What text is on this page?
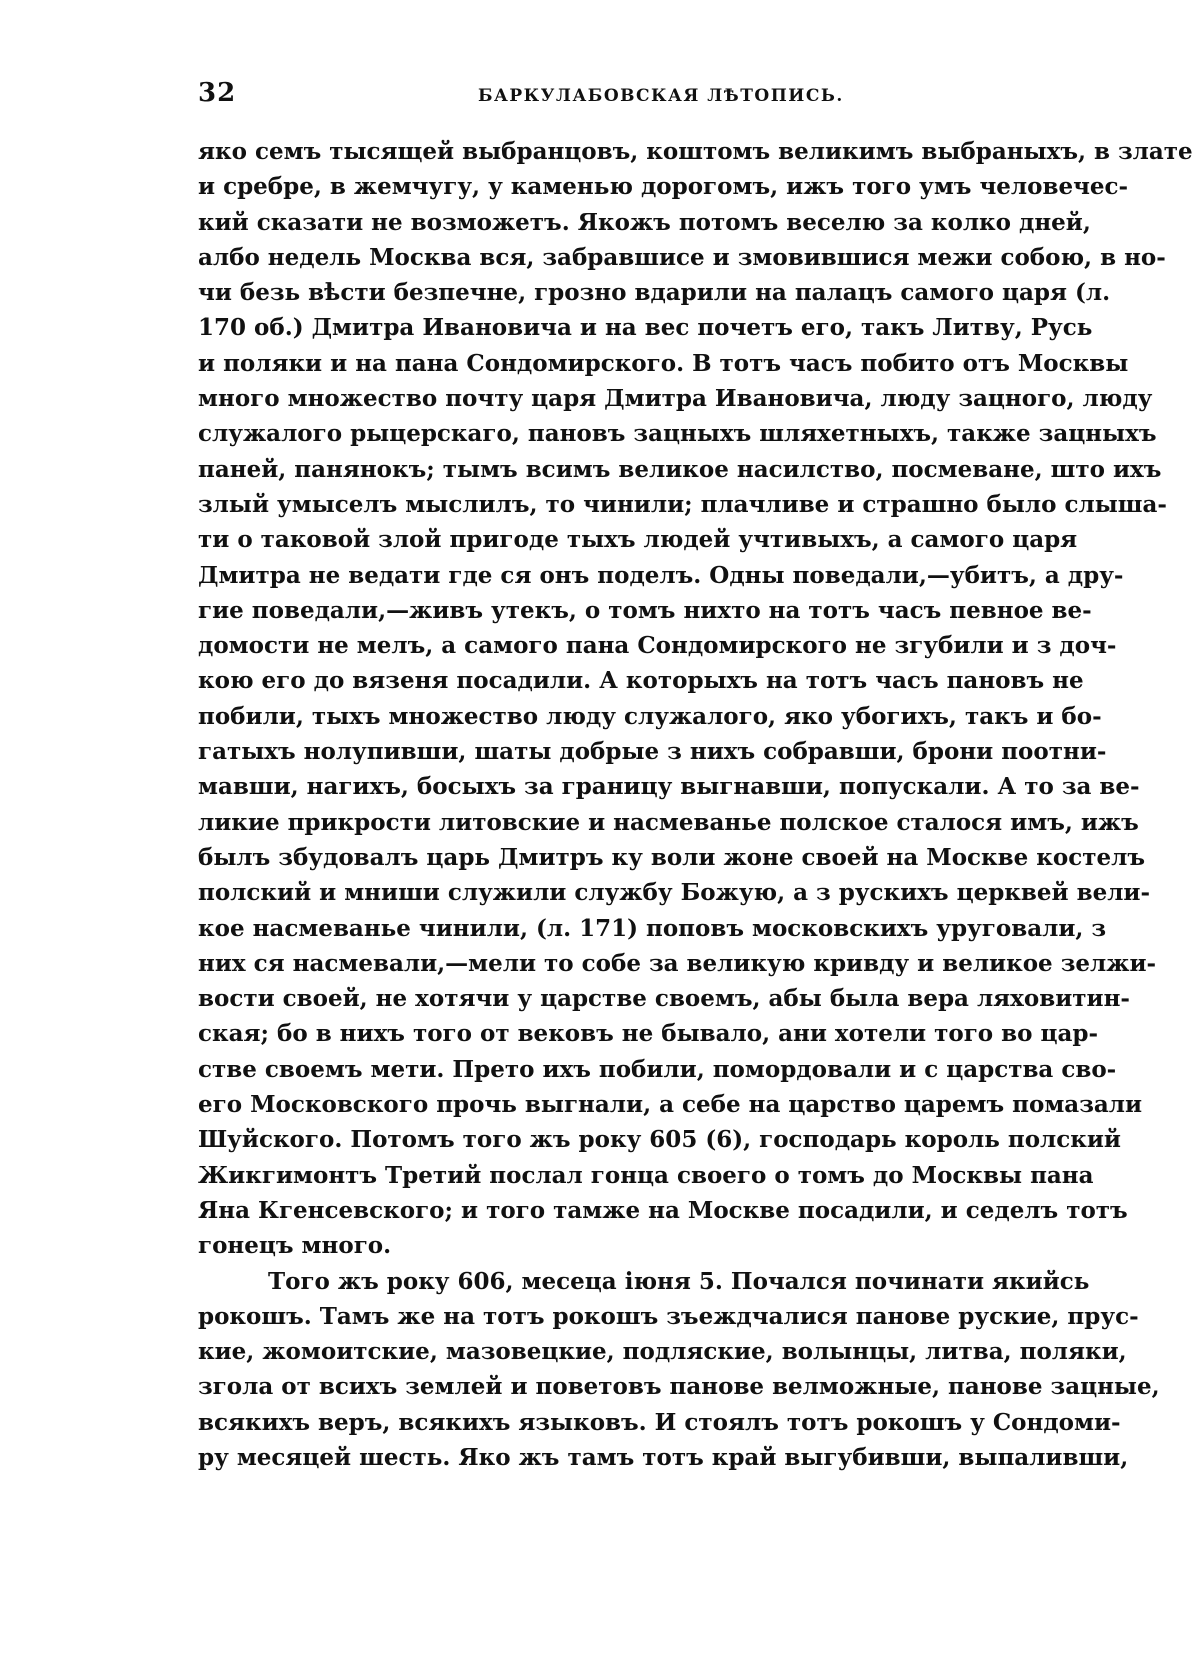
32	БАРКУЛАБОВСКАЯ ЛѢТОПИСЬ.
яко семъ тысящей выбранцовъ, коштомъ великимъ выбраныхъ, в злате
и сребре, в жемчугу, у каменью дорогомъ, ижъ того умъ человечес-
кий сказати не возможетъ. Якожъ потомъ веселю за колко дней,
албо недель Москва вся, забравшисе и змовившися межи собою, в но-
чи безь вѣсти безпечне, грозно вдарили на палацъ самого царя (л.
170 об.) Дмитра Ивановича и на вес почетъ его, такъ Литву, Русь
и поляки и на пана Сондомирского. В тотъ часъ побито отъ Москвы
много множество почту царя Дмитра Ивановича, люду зацного, люду
служалого рыцерскаго, пановъ зацныхъ шляхетныхъ, также зацныхъ
паней, панянокъ; тымъ всимъ великое насилство, посмеване, што ихъ
злый умыселъ мыслилъ, то чинили; плачливе и страшно было слыша-
ти о таковой злой пригоде тыхъ людей учтивыхъ, а самого царя
Дмитра не ведати где ся онъ поделъ. Одны поведали,—убитъ, а дру-
гие поведали,—живъ утекъ, о томъ нихто на тотъ часъ певное ве-
домости не мелъ, а самого пана Сондомирского не згубили и з доч-
кою его до вязеня посадили. А которыхъ на тотъ часъ пановъ не
побили, тыхъ множество люду служалого, яко убогихъ, такъ и бо-
гатыхъ нолупивши, шаты добрые з нихъ собравши, брони поотни-
мавши, нагихъ, босыхъ за границу выгнавши, попускали. А то за ве-
ликие прикрости литовские и насмеванье полское сталося имъ, ижъ
былъ збудовалъ царь Дмитръ ку воли жоне своей на Москве костелъ
полский и мниши служили службу Божую, а з рускихъ церквей вели-
кое насмеванье чинили, (л. 171) поповъ московскихъ уруговали, з
них ся насмевали,—мели то собе за великую кривду и великое зелжи-
вости своей, не хотячи у царстве своемъ, абы была вера ляховитин-
ская; бо в нихъ того от вековъ не бывало, ани хотели того во цар-
стве своемъ мети. Прето ихъ побили, помордовали и с царства сво-
его Московского прочь выгнали, а себе на царство царемъ помазали
Шуйского. Потомъ того жъ року 605 (6), господарь король полский
Жикгимонтъ Третий послал гонца своего о томъ до Москвы пана
Яна Кгенсевского; и того тамже на Москве посадили, и седелъ тотъ
гонецъ много.
Того жъ року 606, месеца іюня 5. Почался починати якийсь
рокошъ. Тамъ же на тотъ рокошъ зъеждчалися панове руские, прус-
кие, жомоитские, мазовецкие, подляские, волынцы, литва, поляки,
згола от всихъ землей и поветовъ панове велможные, панове зацные,
всякихъ веръ, всякихъ языковъ. И стоялъ тотъ рокошъ у Сондоми-
ру месяцей шесть. Яко жъ тамъ тотъ край выгубивши, выпаливши,
